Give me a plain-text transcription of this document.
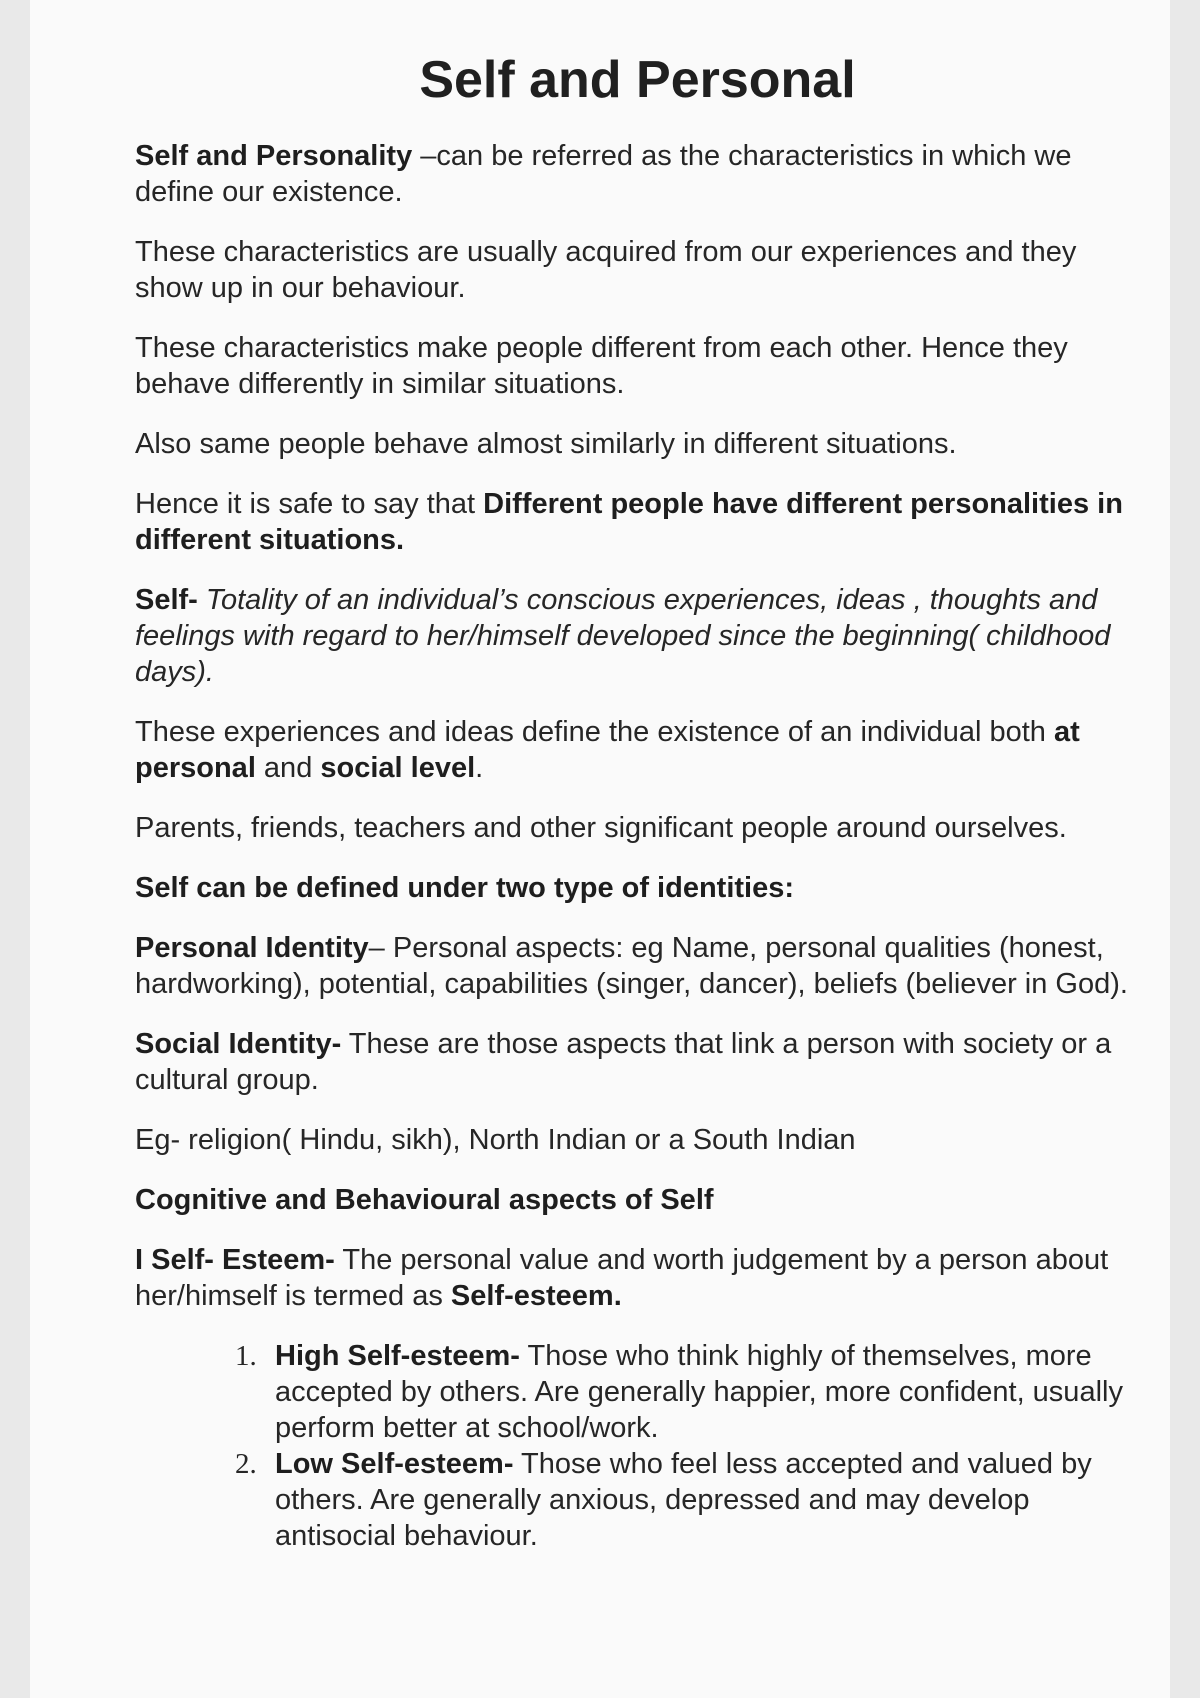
Self and Personal

Self and Personality –can be referred as the characteristics in which we define our existence.

These characteristics are usually acquired from our experiences and they show up in our behaviour.

These characteristics make people different from each other. Hence they behave differently in similar situations.

Also same people behave almost similarly in different situations.

Hence it is safe to say that Different people have different personalities in different situations.

Self- Totality of an individual’s conscious experiences, ideas , thoughts and feelings with regard to her/himself developed since the beginning( childhood days).

These experiences and ideas define the existence of an individual both at personal and social level.

Parents, friends, teachers and other significant people around ourselves.

Self can be defined under two type of identities:

Personal Identity– Personal aspects: eg Name, personal qualities (honest, hardworking), potential, capabilities (singer, dancer), beliefs (believer in God).

Social Identity- These are those aspects that link a person with society or a cultural group.

Eg- religion( Hindu, sikh), North Indian or a South Indian

Cognitive and Behavioural aspects of Self

I Self- Esteem- The personal value and worth judgement by a person about her/himself is termed as Self-esteem.

1. High Self-esteem- Those who think highly of themselves, more accepted by others. Are generally happier, more confident, usually perform better at school/work.
2. Low Self-esteem- Those who feel less accepted and valued by others. Are generally anxious, depressed and may develop antisocial behaviour.
